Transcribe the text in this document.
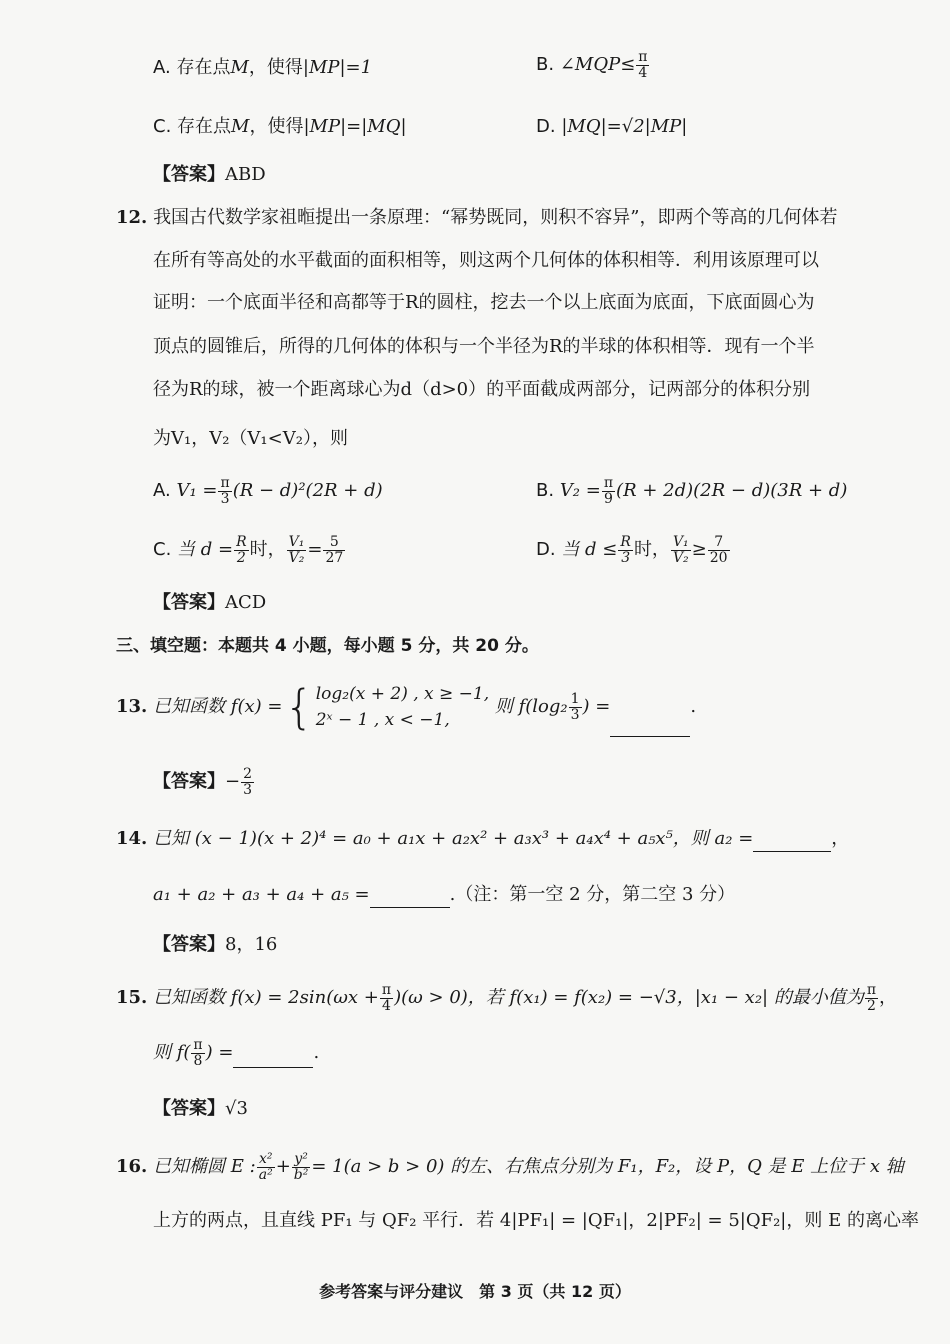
A. 存在点M，使得|MP|=1	B. ∠MQP≤ $\frac{\pi}{4}$
C. 存在点M，使得|MP|=|MQ|	D. |MQ|=√2|MP|
【答案】ABD
12. 我国古代数学家祖暅提出一条原理：“幂势既同，则积不容异”，即两个等高的几何体若
在所有等高处的水平截面的面积相等，则这两个几何体的体积相等．利用该原理可以
证明：一个底面半径和高都等于R的圆柱，挖去一个以上底面为底面，下底面圆心为
顶点的圆锥后，所得的几何体的体积与一个半径为R的半球的体积相等．现有一个半
径为R的球，被一个距离球心为d（d>0）的平面截成两部分，记两部分的体积分别
为V₁，V₂（V₁<V₂），则
A. $V_1 = \frac{\pi}{3} (R - d)^2(2R + d)$	B. $V_2 = \frac{\pi}{9} (R + 2d)(2R - d)(3R + d)$
C. 当 $d = \frac{R}{2}$ 时， $\frac{\text{V₁}}{\text{V₂}} = \frac{5}{27}$	D. 当 $d \le \frac{R}{3}$ 时， $\frac{\text{V₁}}{\text{V₂}} \ge \frac{7}{20}$
【答案】ACD
三、填空题：本题共 4 小题，每小题 5 分，共 20 分。
13. 已知函数 f(x) ={ log₂(x + 2) , x ≥ −1,
2ˣ − 1 , x < −1,
则 $f(\log_2 \frac{1}{3}$ ) =	.
【答案】− $\frac{2}{3}$
14. 已知 (x − 1)(x + 2)⁴ = a₀ + a₁x + a₂x² + a₃x³ + a₄x⁴ + a₅x⁵，则 a₂ =	，
a₁ + a₂ + a₃ + a₄ + a₅ =	.（注：第一空 2 分，第二空 3 分）
【答案】8，16
15. 已知函数 $f(x) = 2\sin(\omega x + \frac{\pi}{4} )(\omega > 0)$，若 f(x₁) = f(x₂) = −√3，|x₁ − x₂| 的最小值为 $\frac{\pi}{2}$ ，
则 $f( \frac{\pi}{8}$ ) =	.
【答案】√3
16. 已知椭圆 E : $\frac{\text{x²}}{\text{a²}} + \frac{\text{y²}}{\text{b²}} = 1(a > b > 0)$ 的左、右焦点分别为 F₁，F₂，设 P，Q 是 E 上位于 x 轴
上方的两点，且直线 PF₁ 与 QF₂ 平行．若 4|PF₁| = |QF₁|，2|PF₂| = 5|QF₂|，则 E 的离心率
参考答案与评分建议　第 3 页（共 12 页）
